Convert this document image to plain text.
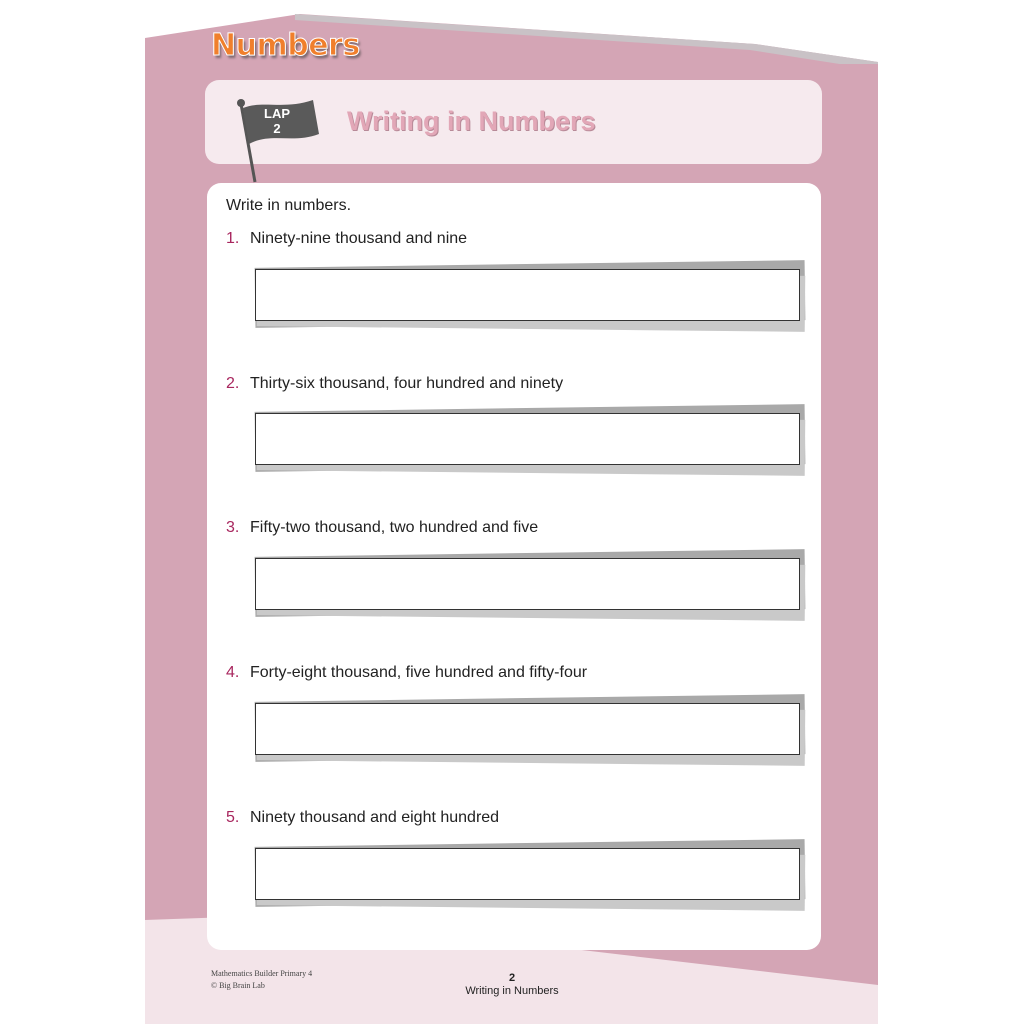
Numbers
LAP
2	Writing in Numbers
Write in numbers.
1. Ninety-nine thousand and nine
2. Thirty-six thousand, four hundred and ninety
3. Fifty-two thousand, two hundred and five
4. Forty-eight thousand, five hundred and fifty-four
5. Ninety thousand and eight hundred
Mathematics Builder Primary 4
© Big Brain Lab
2
Writing in Numbers
